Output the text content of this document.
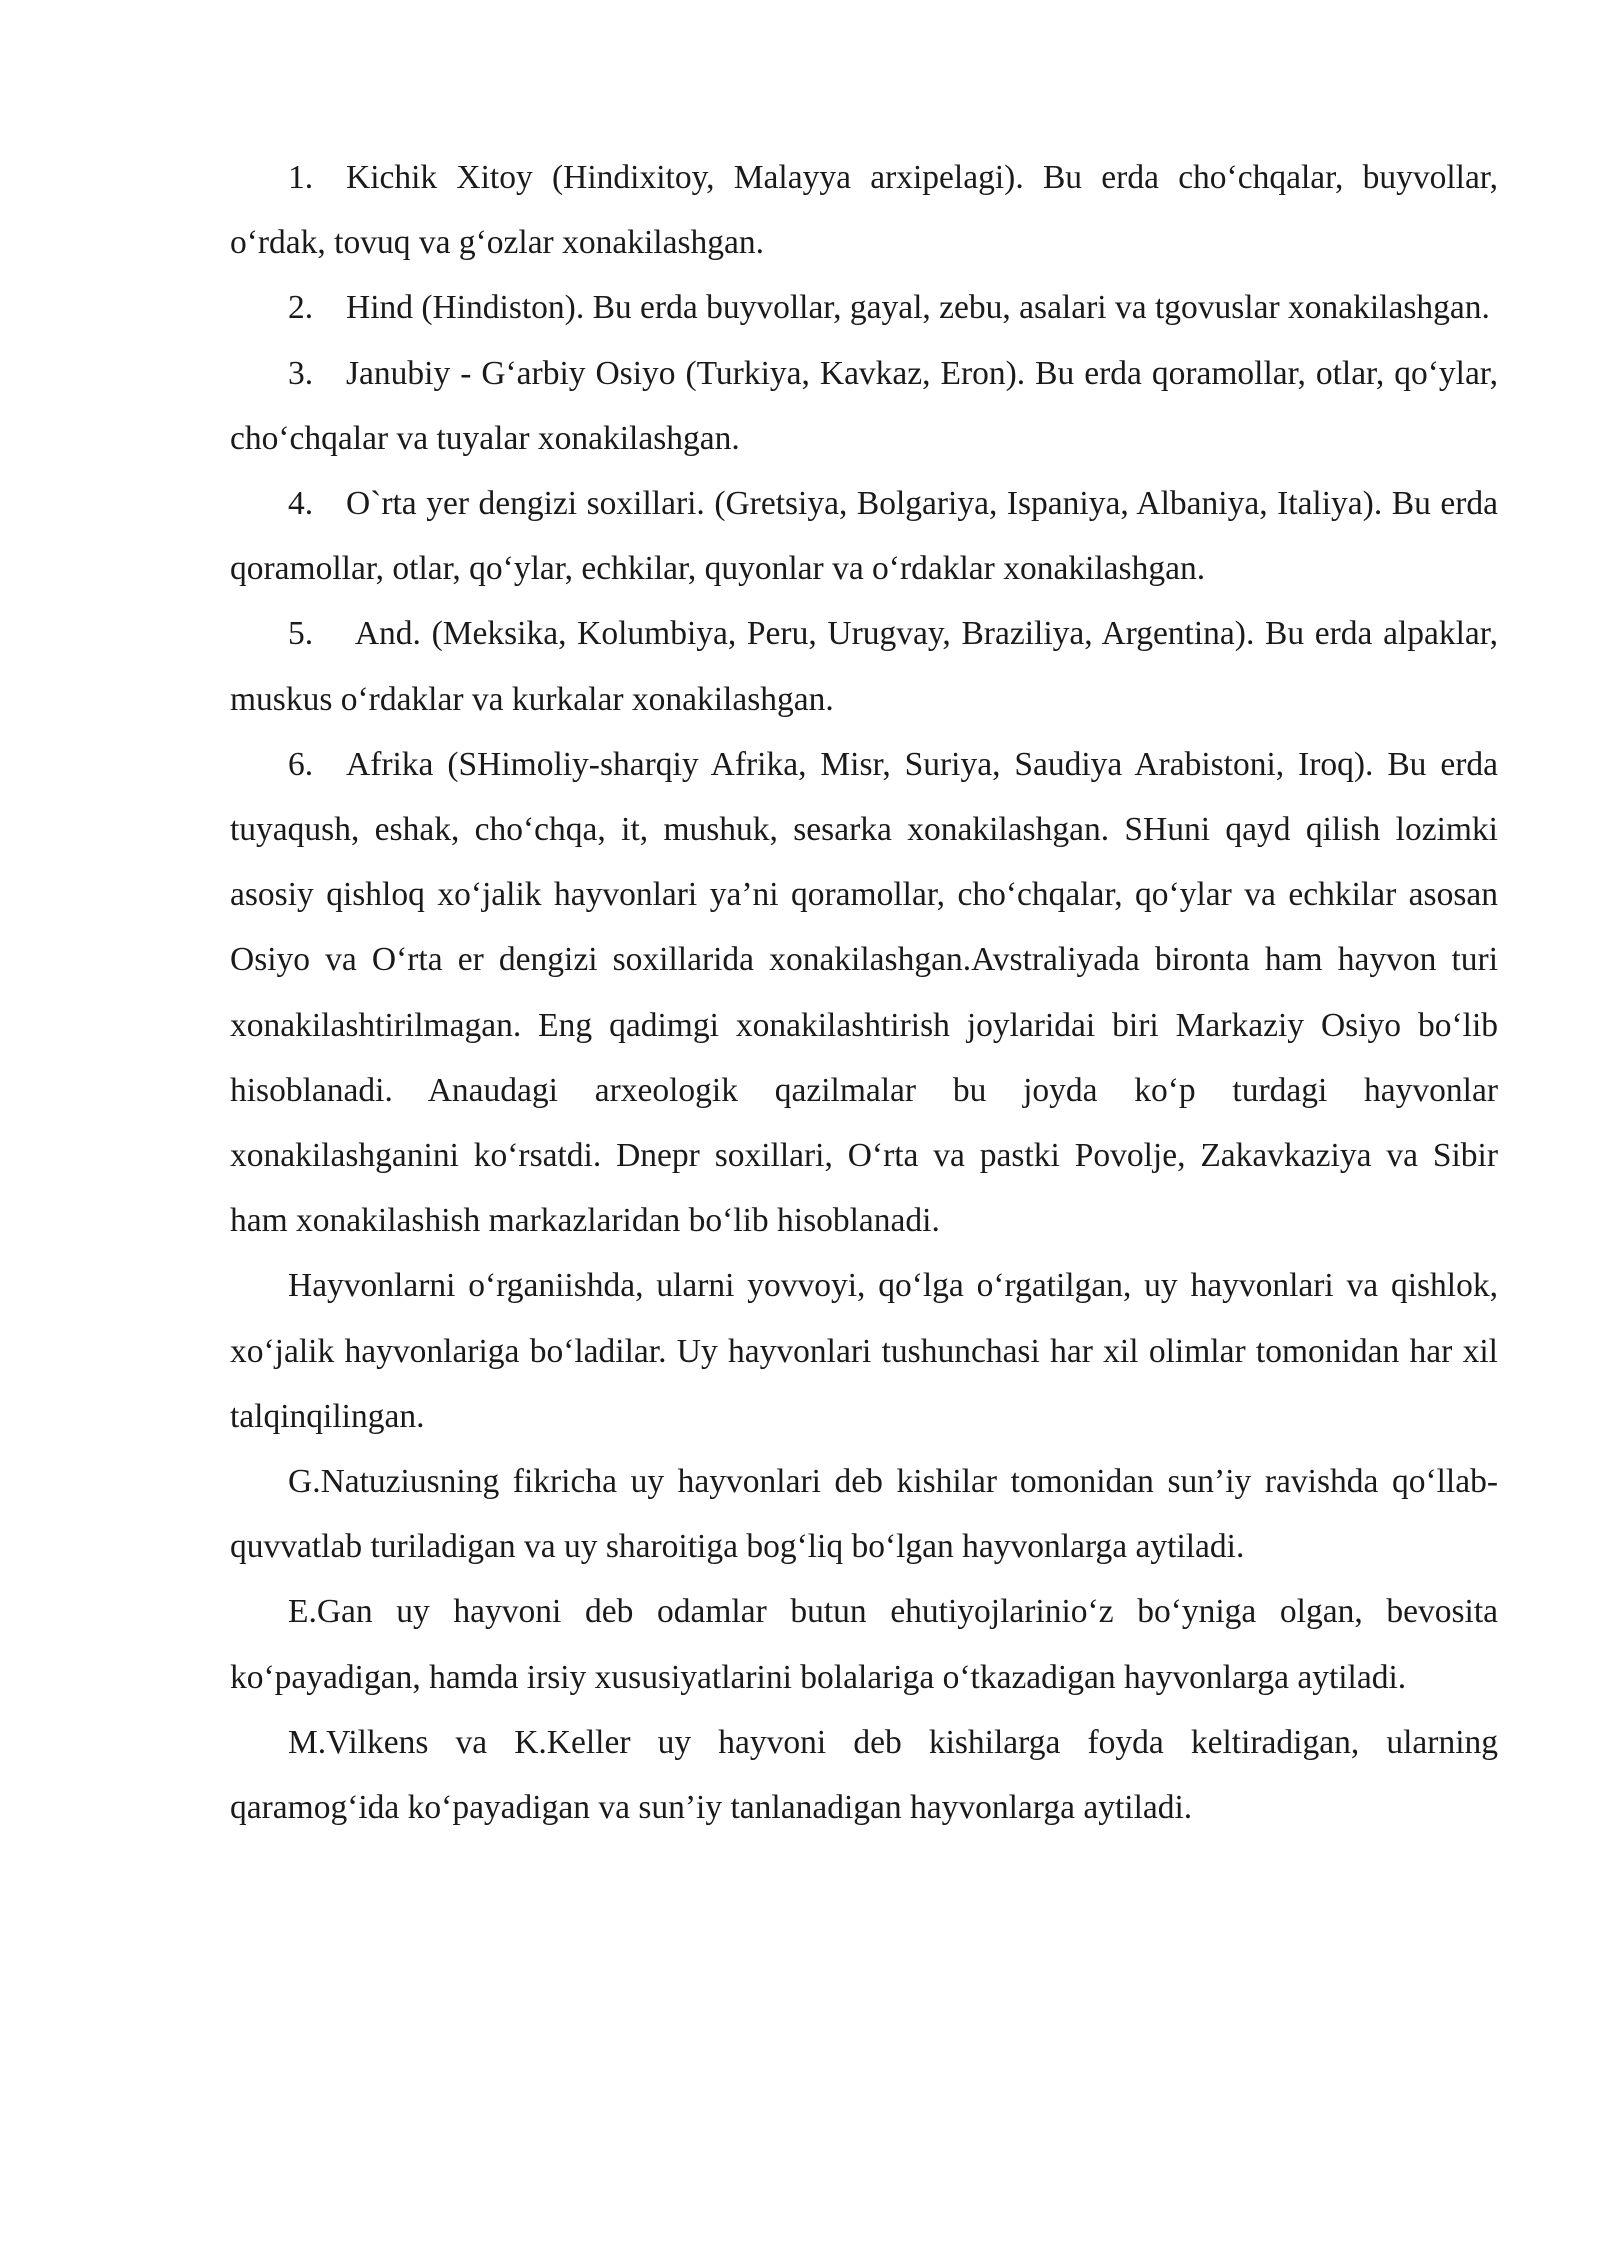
1. Kichik Xitoy (Hindixitoy, Malayya arxipelagi). Bu erda cho‘chqalar, buyvollar, o‘rdak, tovuq va g‘ozlar xonakilashgan.

2. Hind (Hindiston). Bu erda buyvollar, gayal, zebu, asalari va tgovuslar xonakilashgan.

3. Janubiy - G‘arbiy Osiyo (Turkiya, Kavkaz, Eron). Bu erda qoramollar, otlar, qo‘ylar, cho‘chqalar va tuyalar xonakilashgan.

4. O`rta yer dengizi soxillari. (Gretsiya, Bolgariya, Ispaniya, Albaniya, Italiya). Bu erda qoramollar, otlar, qo‘ylar, echkilar, quyonlar va o‘rdaklar xonakilashgan.

5. And. (Meksika, Kolumbiya, Peru, Urugvay, Braziliya, Argentina). Bu erda alpaklar, muskus o‘rdaklar va kurkalar xonakilashgan.

6. Afrika (SHimoliy-sharqiy Afrika, Misr, Suriya, Saudiya Arabistoni, Iroq). Bu erda tuyaqush, eshak, cho‘chqa, it, mushuk, sesarka xonakilashgan. SHuni qayd qilish lozimki asosiy qishloq xo‘jalik hayvonlari ya’ni qoramollar, cho‘chqalar, qo‘ylar va echkilar asosan Osiyo va O‘rta er dengizi soxillarida xonakilashgan.Avstraliyada bironta ham hayvon turi xonakilashtirilmagan. Eng qadimgi xonakilashtirish joylaridai biri Markaziy Osiyo bo‘lib hisoblanadi. Anaudagi arxeologik qazilmalar bu joyda ko‘p turdagi hayvonlar xonakilashganini ko‘rsatdi. Dnepr soxillari, O‘rta va pastki Povolje, Zakavkaziya va Sibir ham xonakilashish markazlaridan bo‘lib hisoblanadi.

Hayvonlarni o‘rganiishda, ularni yovvoyi, qo‘lga o‘rgatilgan, uy hayvonlari va qishlok, xo‘jalik hayvonlariga bo‘ladilar. Uy hayvonlari tushunchasi har xil olimlar tomonidan har xil talqinqilingan.

G.Natuziusning fikricha uy hayvonlari deb kishilar tomonidan sun’iy ravishda qo‘llab-quvvatlab turiladigan va uy sharoitiga bog‘liq bo‘lgan hayvonlarga aytiladi.

E.Gan uy hayvoni deb odamlar butun ehutiyojlarinio‘z bo‘yniga olgan, bevosita ko‘payadigan, hamda irsiy xususiyatlarini bolalariga o‘tkazadigan hayvonlarga aytiladi.

M.Vilkens va K.Keller uy hayvoni deb kishilarga foyda keltiradigan, ularning qaramog‘ida ko‘payadigan va sun’iy tanlanadigan hayvonlarga aytiladi.
